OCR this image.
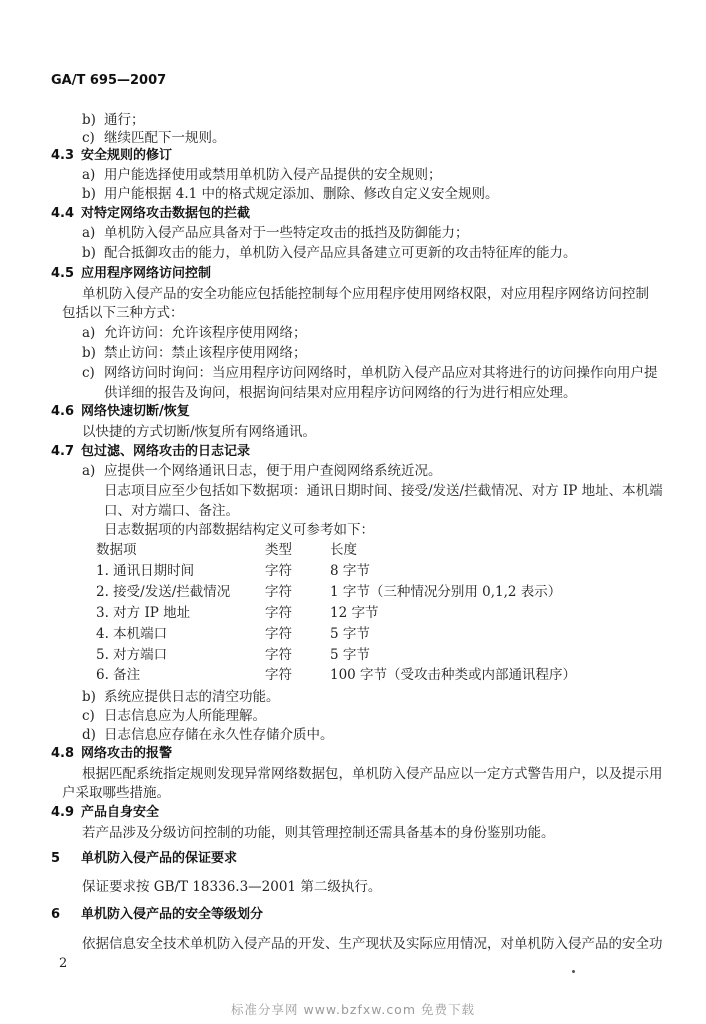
GA/T 695—2007
b) 通行；
c) 继续匹配下一规则。
4.3 安全规则的修订
a) 用户能选择使用或禁用单机防入侵产品提供的安全规则；
b) 用户能根据 4.1 中的格式规定添加、删除、修改自定义安全规则。
4.4 对特定网络攻击数据包的拦截
a) 单机防入侵产品应具备对于一些特定攻击的抵挡及防御能力；
b) 配合抵御攻击的能力，单机防入侵产品应具备建立可更新的攻击特征库的能力。
4.5 应用程序网络访问控制
单机防入侵产品的安全功能应包括能控制每个应用程序使用网络权限，对应用程序网络访问控制
包括以下三种方式：
a) 允许访问：允许该程序使用网络；
b) 禁止访问：禁止该程序使用网络；
c) 网络访问时询问：当应用程序访问网络时，单机防入侵产品应对其将进行的访问操作向用户提
供详细的报告及询问，根据询问结果对应用程序访问网络的行为进行相应处理。
4.6 网络快速切断/恢复
以快捷的方式切断/恢复所有网络通讯。
4.7 包过滤、网络攻击的日志记录
a) 应提供一个网络通讯日志，便于用户查阅网络系统近况。
日志项目应至少包括如下数据项：通讯日期时间、接受/发送/拦截情况、对方 IP 地址、本机端
口、对方端口、备注。
日志数据项的内部数据结构定义可参考如下：
数据项	类型	长度
1. 通讯日期时间	字符	8 字节
2. 接受/发送/拦截情况	字符	1 字节（三种情况分别用 0,1,2 表示）
3. 对方 IP 地址	字符	12 字节
4. 本机端口	字符	5 字节
5. 对方端口	字符	5 字节
6. 备注	字符	100 字节（受攻击种类或内部通讯程序）
b) 系统应提供日志的清空功能。
c) 日志信息应为人所能理解。
d) 日志信息应存储在永久性存储介质中。
4.8 网络攻击的报警
根据匹配系统指定规则发现异常网络数据包，单机防入侵产品应以一定方式警告用户，以及提示用
户采取哪些措施。
4.9 产品自身安全
若产品涉及分级访问控制的功能，则其管理控制还需具备基本的身份鉴别功能。
5 单机防入侵产品的保证要求
保证要求按 GB/T 18336.3—2001 第二级执行。
6 单机防入侵产品的安全等级划分
依据信息安全技术单机防入侵产品的开发、生产现状及实际应用情况，对单机防入侵产品的安全功
2
标准分享网 www.bzfxw.com 免费下载
